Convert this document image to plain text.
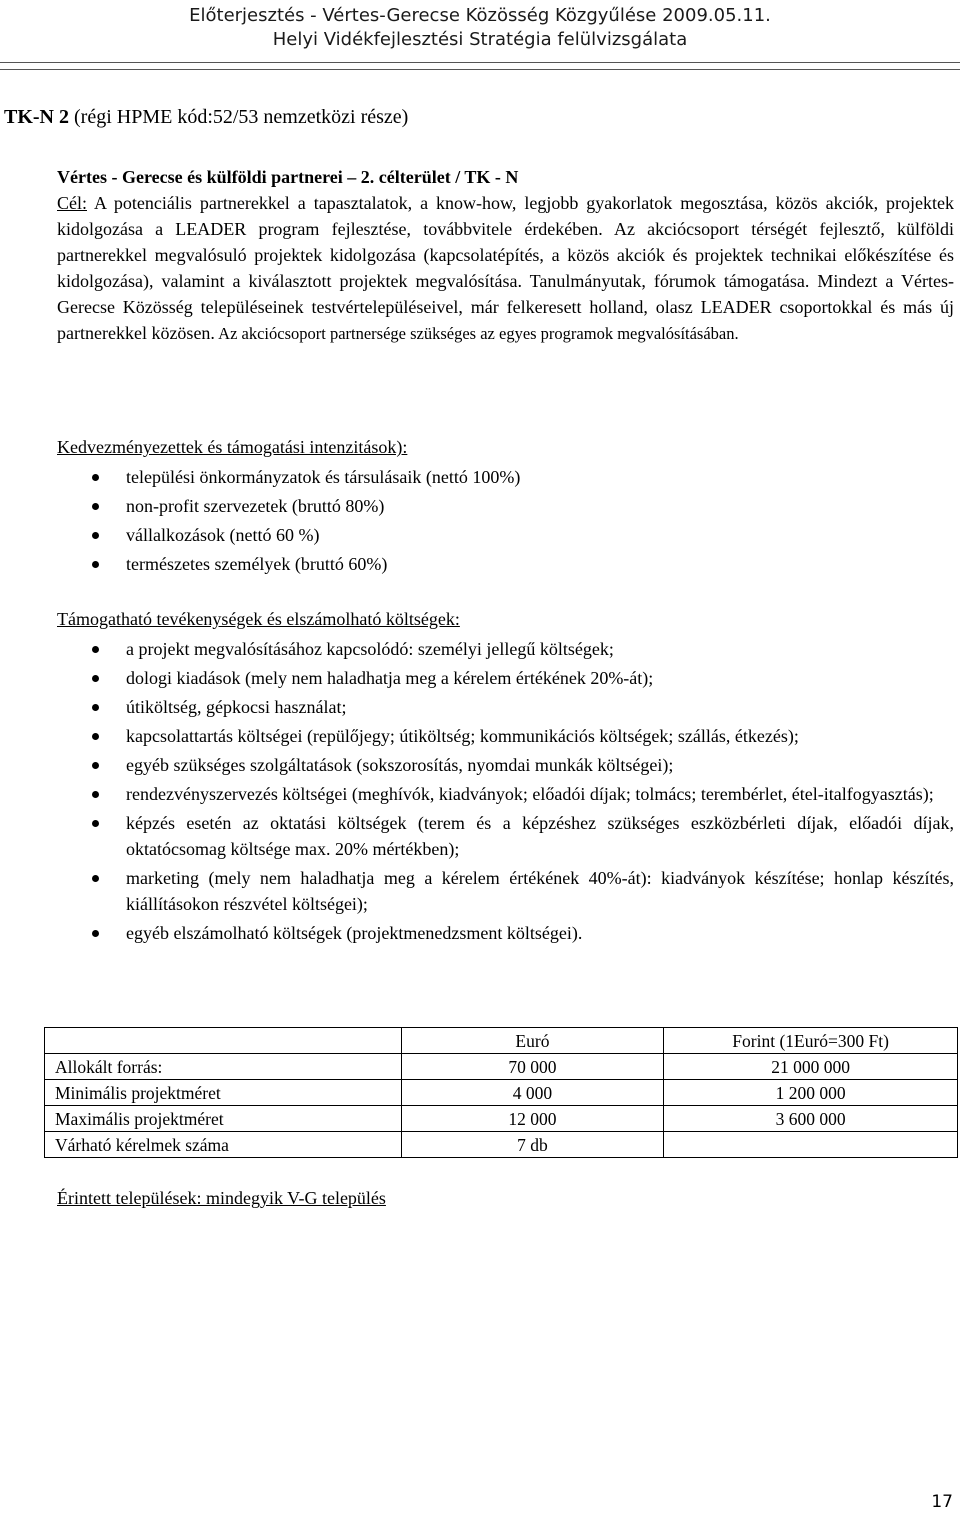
Előterjesztés - Vértes-Gerecse Közösség Közgyűlése 2009.05.11.
Helyi Vidékfejlesztési Stratégia felülvizsgálata
TK-N 2 (régi HPME kód:52/53 nemzetközi része)

Vértes - Gerecse és külföldi partnerei – 2. célterület / TK - N

Cél: A potenciális partnerekkel a tapasztalatok, a know-how, legjobb gyakorlatok megosztása, közös akciók, projektek kidolgozása a LEADER program fejlesztése, továbbvitele érdekében. Az akciócsoport térségét fejlesztő, külföldi partnerekkel megvalósuló projektek kidolgozása (kapcsolatépítés, a közös akciók és projektek technikai előkészítése és kidolgozása), valamint a kiválasztott projektek megvalósítása. Tanulmányutak, fórumok támogatása. Mindezt a Vértes-Gerecse Közösség településeinek testvértelepüléseivel, már felkeresett holland, olasz LEADER csoportokkal és más új partnerekkel közösen. Az akciócsoport partnersége szükséges az egyes programok megvalósításában.

Kedvezményezettek és támogatási intenzitások):
települési önkormányzatok és társulásaik (nettó 100%)
non-profit szervezetek (bruttó 80%)
vállalkozások (nettó 60 %)
természetes személyek (bruttó 60%)
Támogatható tevékenységek és elszámolható költségek:
a projekt megvalósításához kapcsolódó: személyi jellegű költségek;
dologi kiadások (mely nem haladhatja meg a kérelem értékének 20%-át);
útiköltség, gépkocsi használat;
kapcsolattartás költségei (repülőjegy; útiköltség; kommunikációs költségek; szállás, étkezés);
egyéb szükséges szolgáltatások (sokszorosítás, nyomdai munkák költségei);
rendezvényszervezés költségei (meghívók, kiadványok; előadói díjak; tolmács; terembérlet, étel-italfogyasztás);
képzés esetén az oktatási költségek (terem és a képzéshez szükséges eszközbérleti díjak, előadói díjak, oktatócsomag költsége max. 20% mértékben);
marketing (mely nem haladhatja meg a kérelem értékének 40%-át): kiadványok készítése; honlap készítés, kiállításokon részvétel költségei);
egyéb elszámolható költségek (projektmenedzsment költségei).
	Euró	Forint (1Euró=300 Ft)
Allokált forrás:	70 000	21 000 000
Minimális projektméret	4 000	1 200 000
Maximális projektméret	12 000	3 600 000
Várható kérelmek száma	7 db	
Érintett települések: mindegyik V-G település
17
